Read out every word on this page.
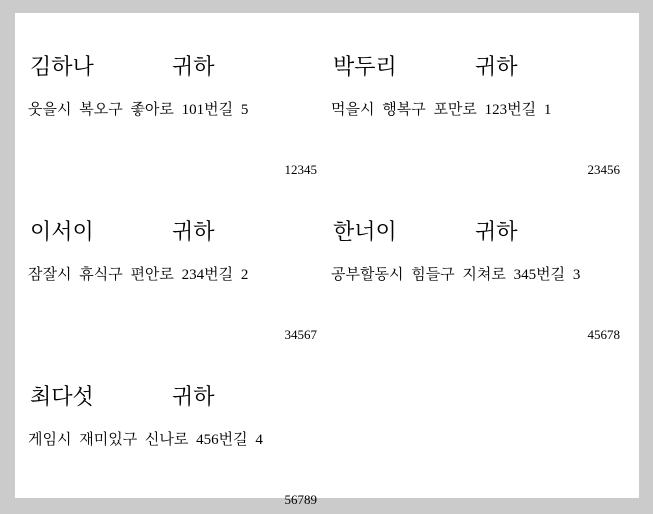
김하나	귀하
웃을시 복오구 좋아로 101번길 5
12345
박두리	귀하
먹을시 행복구 포만로 123번길 1
23456
이서이	귀하
잠잘시 휴식구 편안로 234번길 2
34567
한너이	귀하
공부할동시 힘들구 지쳐로 345번길 3
45678
최다섯	귀하
게임시 재미있구 신나로 456번길 4
56789
